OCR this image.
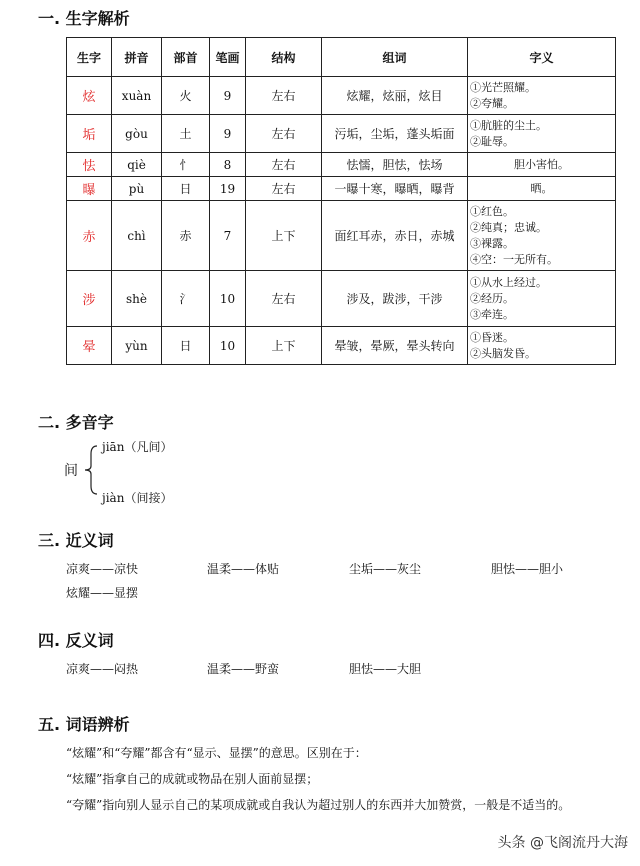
一. 生字解析
生字	拼音	部首	笔画	结构	组词	字义
炫	xuàn	火	9	左右	炫耀，炫丽，炫目	①光芒照耀。
②夸耀。

垢	gòu	土	9	左右	污垢，尘垢，蓬头垢面	①肮脏的尘土。
②耻辱。

怯	qiè	忄	8	左右	怯懦，胆怯，怯场	胆小害怕。

曝	pù	日	19	左右	一曝十寒，曝晒，曝背	晒。

赤	chì	赤	7	上下	面红耳赤，赤日，赤城	①红色。
②纯真；忠诚。
③裸露。
④空：一无所有。

涉	shè	氵	10	左右	涉及，跋涉，干涉	①从水上经过。
②经历。
③牵连。

晕	yùn	日	10	上下	晕皱，晕厥，晕头转向	①昏迷。
②头脑发昏。
二. 多音字
间
jiān（凡间）
jiàn（间接）
三. 近义词
凉爽——凉快	温柔——体贴	尘垢——灰尘	胆怯——胆小
炫耀——显摆
四. 反义词
凉爽——闷热	温柔——野蛮	胆怯——大胆
五. 词语辨析
“炫耀”和“夸耀”都含有“显示、显摆”的意思。区别在于：
“炫耀”指拿自己的成就或物品在别人面前显摆；
“夸耀”指向别人显示自己的某项成就或自我认为超过别人的东西并大加赞赏，一般是不适当的。
头条 @飞阁流丹大海
